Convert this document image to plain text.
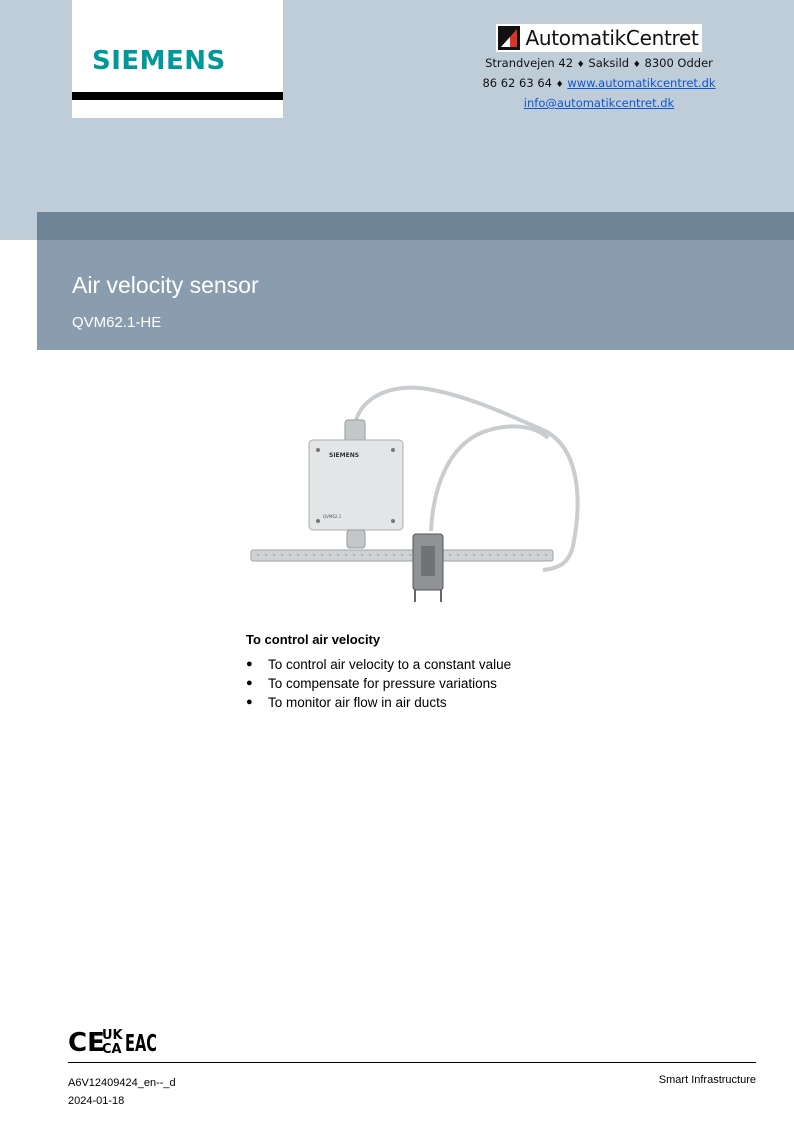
SIEMENS
AutomatikCentret
Strandvejen 42 ♦ Saksild ♦ 8300 Odder
86 62 63 64 ♦ www.automatikcentret.dk
info@automatikcentret.dk
Air velocity sensor
QVM62.1-HE
SIEMENS
QVM62.1
To control air velocity
● To control air velocity to a constant value
● To compensate for pressure variations
● To monitor air flow in air ducts
CE
UK
CA EAC
A6V12409424_en--_d
2024-01-18
Smart Infrastructure
